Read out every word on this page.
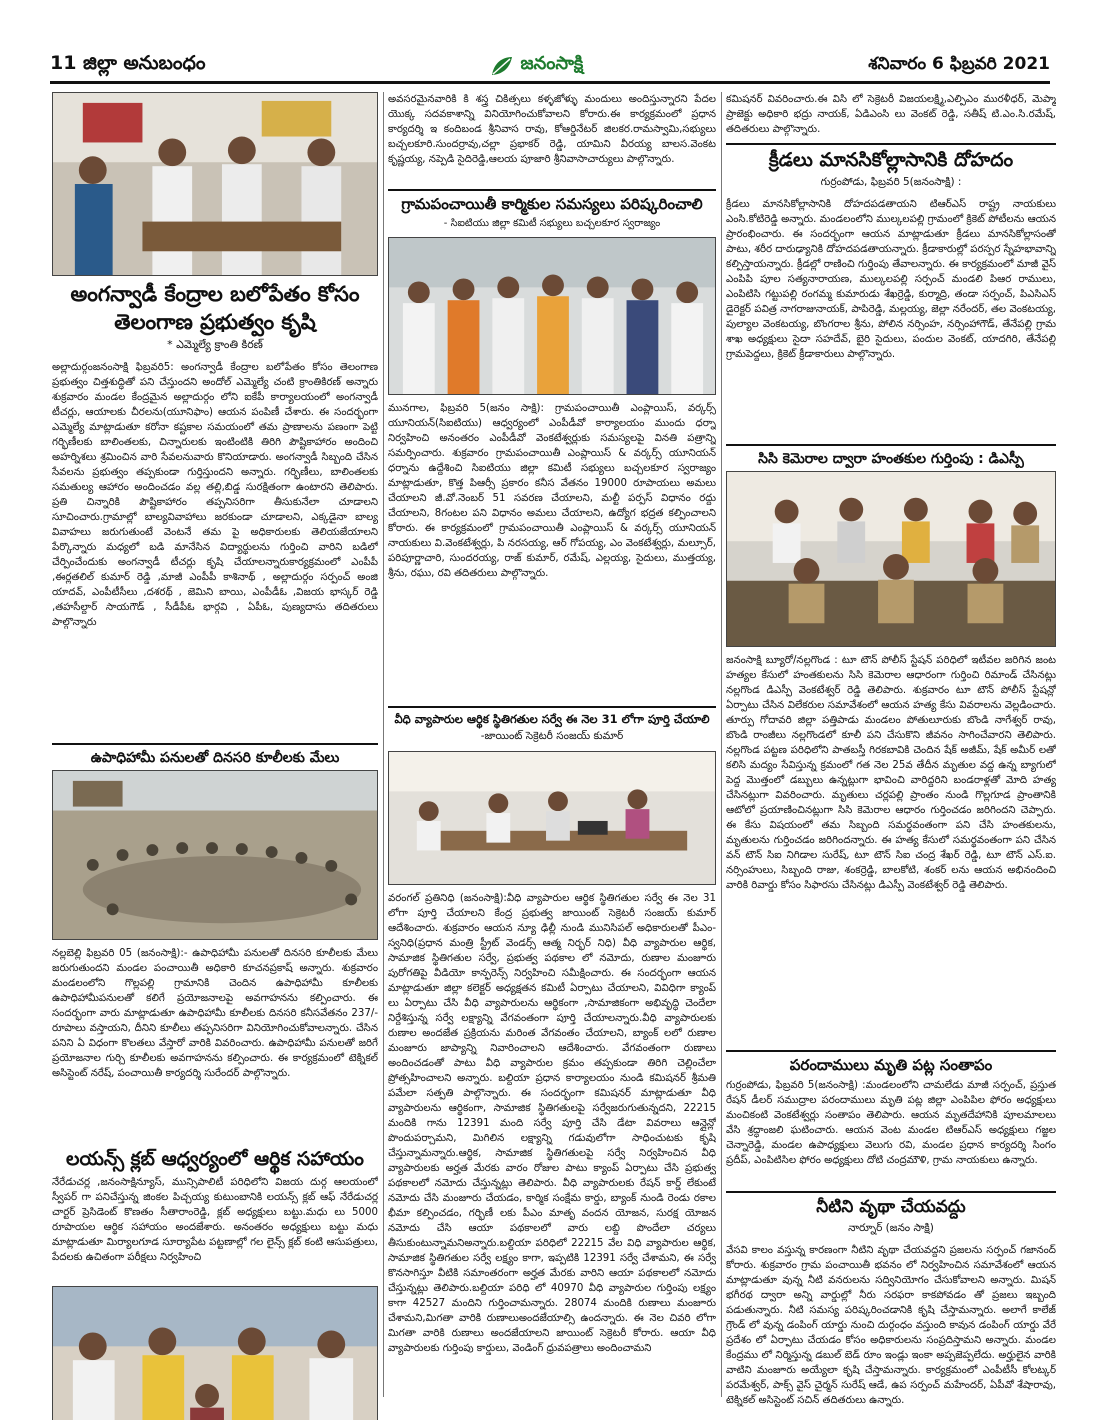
11 జిల్లా అనుబంధం	జనంసాక్షి	శనివారం 6 ఫిబ్రవరి 2021
అంగన్వాడీ కేంద్రాల బలోపేతం కోసం
తెలంగాణ ప్రభుత్వం కృషి
* ఎమ్మెల్యే క్రాంతి కిరణ్

అల్లాదుర్గంజనంసాక్షి ఫిబ్రవరి5: అంగన్వాడీ కేంద్రాల బలోపేతం కోసం తెలంగాణ ప్రభుత్వం చిత్తశుద్ధితో పని చేస్తుందని అందోల్ ఎమ్మెల్యే చంటి క్రాంతికిరణ్ అన్నారు శుక్రవారం మండల కేంద్రమైన అల్లాదుర్గం లోని ఐకేపీ కార్యాలయంలో అంగన్వాడీ టీచర్లు, ఆయాలకు చీరలను(యూనిఫాం) ఆయన పంపిణీ చేశారు. ఈ సందర్భంగా ఎమ్మెల్యే మాట్లాడుతూ కరోనా కష్టకాల సమయంలో తమ ప్రాణాలను పణంగా పెట్టి గర్భిణీలకు బాలింతలకు, చిన్నారులకు ఇంటింటికి తిరిగి పౌష్టికాహారం అందించి అహర్నిశలు శ్రమించిన వారి సేవలనువారు కొనియాడారు. అంగన్వాడీ సిబ్బంది చేసిన సేవలను ప్రభుత్వం తప్పకుండా గుర్తిస్తుందని అన్నారు. గర్భిణీలు, బాలింతలకు సమతుల్య ఆహారం అందించడం వల్ల తల్లి,బిడ్డ సురక్షితంగా ఉంటారని తెలిపారు. ప్రతి చిన్నారికి పౌష్టికాహారం తప్పనిసరిగా తీసుకునేలా చూడాలని సూచించారు.గ్రామాల్లో బాల్యవివాహాలు జరకుండా చూడాలని, ఎక్కడైనా బాల్య వివాహలు జరుగుతుంటే వెంటనే తమ పై అధికారులకు తెలియజేయాలని పేర్కొన్నారు మధ్యలో బడి మానేసిన విద్యార్థులను గుర్తించి వారిని బడిలో చేర్పించేందుకు అంగన్వాడీ టీచర్లు కృషి చేయాలన్నారుకార్యక్రమంలో ఎంపీపీ ,ఈర్లతలిల్ కుమార్ రెడ్డి ,మాజీ ఎంపీపీ కాశినాథ్ , అల్లాదుర్గం సర్పంచ్ అంజి యాదవ్, ఎంపీటీసీలు ,దశరథ్ , జెమిని బాయి, ఎంపీడీఓ ,విజయ భాస్కర్ రెడ్డి ,తహసీల్దార్ సాయగౌడ్ , సీడీపీఓ భార్గవి , ఏపీఓ, పుణ్యదాసు తదితరులు పాల్గొన్నారు

ఉపాధిహామీ పనులతో దినసరి కూలీలకు మేలు

నల్లబెల్లి ఫిబ్రవరి 05 (జనంసాక్షి):- ఉపాధిహామీ పనులతో దినసరి కూలీలకు మేలు జరుగుతుందని మండల పంచాయితీ అధికారి కూచనప్రకాష్ అన్నారు. శుక్రవారం మండలంలోని గొల్లపల్లి గ్రామానికి చెందిన ఉపాధిహామీ కూలీలకు ఉపాధిహామీపనులతో కలిగే ప్రయోజనాలపై అవగాహనను కల్పించారు. ఈ సందర్భంగా వారు మాట్లాడుతూ ఉపాధిహామీ కూలీలకు దినసరి కనీసవేతనం 237/-రూపాలు వస్తాయని, దీనిని కూలీలు తప్పనిసరిగా వినియోగించుకోవాలన్నారు. చేసిన పనిని ఏ విధంగా కొలతలు వేస్తారో వారికి వివరించారు. ఉపాధిహామీ పనులతో జరిగే ప్రయోజనాల గుర్చి కూలీలకు అవగాహనను కల్పించారు. ఈ కార్యక్రమంలో టెక్నికల్ అసిస్టెంట్ నరేష్, పంచాయితీ కార్యదర్శి సురేందర్ పాల్గొన్నారు.

లయన్స్ క్లబ్ ఆధ్వర్యంలో ఆర్థిక సహాయం

నేరేడుచర్ల ,జనంసాక్షిన్యూస్, మున్సిపాలిటీ పరిధిలోని విజయ దుర్గ ఆలయంలో స్వీపర్ గా పనిచేస్తున్న జింకల పిచ్చయ్య కుటుంబానికి లయన్స్ క్లబ్ ఆఫ్ నేరేడుచర్ల చార్టర్ ప్రెసిడెంట్ కొణతం సీతారాంరెడ్డి, క్లబ్ అధ్యక్షులు బట్టు.మధు లు 5000 రూపాయల ఆర్థిక సహాయం అందజేశారు. అనంతరం అధ్యక్షులు బట్టు మధు మాట్లాడుతూ మిర్యాలగూడ సూర్యాపేట పట్టణాల్లో గల లైన్స్ క్లబ్ కంటి ఆసుపత్రులు, పేదలకు ఉచితంగా పరీక్షలు నిర్వహించి

అవసరమైనవారికి కి శస్త్ర చికిత్సలు కళ్ళజోళ్ళు మందులు అందిస్తున్నారని పేదల యొక్క సదవకాశాన్ని వినియోగించుకోవాలని కోరారు.ఈ కార్యక్రమంలో ప్రధాన కార్యదర్శి ఇ కందిబండ శ్రీనివాస రావు, కోఆర్డినేటర్ జిలకర.రామస్వామి,సభ్యులు బచ్చలకూరి.సుందర్రావు,చల్లా ప్రభాకర్ రెడ్డి, యామిని వీరయ్య బాలస.వెంకట కృష్ణయ్య, నప్పెడి సైదిరెడ్డి,ఆలయ పూజారి శ్రీనివాసాచార్యులు పాల్గొన్నారు.

గ్రామపంచాయితీ కార్మికుల సమస్యలు పరిష్కరించాలి
- సిఐటియు జిల్లా కమిటీ సభ్యులు బచ్చలకూర స్వరాజ్యం

మునగాల, ఫిబ్రవరి 5(జనం సాక్షి): గ్రామపంచాయితీ ఎంప్లాయిస్, వర్కర్స్ యూనియన్(సిఐటియు) ఆధ్వర్యంలో ఎంపీడీవో కార్యాలయం ముందు ధర్నా నిర్వహించి అనంతరం ఎంపీడీవో వెంకటేశ్వర్లుకు సమస్యలపై వినతి పత్రాన్ని సమర్పించారు. శుక్రవారం గ్రామపంచాయితీ ఎంప్లాయిస్ & వర్కర్స్ యూనియన్ ధర్నాను ఉద్దేశించి సిఐటియు జిల్లా కమిటీ సభ్యులు బచ్చలకూర స్వరాజ్యం మాట్లాడుతూ, కొత్త పిఆర్సీ ప్రకారం కనీస వేతనం 19000 రూపాయలు అమలు చేయాలని జీ.వో.నెంబర్ 51 సవరణ చేయాలని, మల్టీ పర్పస్ విధానం రద్దు చేయాలని, 8గంటల పని విధానం అమలు చేయాలని, ఉద్యోగ భద్రత కల్పించాలని కోరారు. ఈ కార్యక్రమంలో గ్రామపంచాయితీ ఎంప్లాయిస్ & వర్కర్స్ యూనియన్ నాయకులు వి.వెంకటేశ్వర్లు, పి నరసయ్య, ఆర్ గోపయ్య, ఎం వెంకటేశ్వర్లు, మల్సూర్, పరిపూర్ణాచారి, సుందరయ్య, రాజ్ కుమార్, రమేష్, ఎల్లయ్య, సైదులు, ముత్తయ్య, శ్రీను, రఘు, రవి తదితరులు పాల్గొన్నారు.

వీధి వ్యాపారుల ఆర్థిక స్థితిగతుల సర్వే ఈ నెల 31 లోగా పూర్తి చేయాలి
-జాయింట్ సెక్రెటరీ సంజయ్ కుమార్

వరంగల్ ప్రతినిధి (జనంసాక్షి):వీధి వ్యాపారుల ఆర్థిక స్థితిగతుల సర్వే ఈ నెల 31 లోగా పూర్తి చేయాలని కేంద్ర ప్రభుత్వ జాయింట్ సెక్రెటరీ సంజయ్ కుమార్ ఆదేశించారు. శుక్రవారం ఆయన న్యూ ఢిల్లీ నుండి మునిసిపల్ అధికారులతో పీఎం- స్వనిధి(ప్రధాన మంత్రి స్ట్రీట్ వెండర్స్ ఆత్మ నిర్భర్ నిధి) వీధి వ్యాపారుల ఆర్థిక, సామాజిక స్థితిగతుల సర్వే, ప్రభుత్వ పథకాల లో నమోదు, రుణాల మంజూరు పురోగతిపై వీడియో కాన్ఫరెన్స్ నిర్వహించి సమీక్షించారు. ఈ సందర్భంగా ఆయన మాట్లాడుతూ జిల్లా కలెక్టర్ అధ్యక్షతన కమిటీ ఏర్పాటు చేయాలని, వివిధిగా క్యాంప్ లు ఏర్పాటు చేసి వీధి వ్యాపారులను ఆర్థికంగా ,సామాజికంగా అభివృద్ధి చెందేలా నిర్దేశిస్తున్న సర్వే లక్ష్యాన్ని వేగవంతంగా పూర్తి చేయాలన్నారు.వీధి వ్యాపారులకు రుణాల అందజేత ప్రక్రియను మరింత వేగవంతం చేయాలని, బ్యాంక్ లలో రుణాల మంజూరు జాప్యాన్ని నివారించాలని ఆదేశించారు. వేగవంతంగా రుణాలు అందించడంతో పాటు వీధి వ్యాపారుల క్రమం తప్పకుండా తిరిగి చెల్లించేలా ప్రోత్సహించాలని అన్నారు. బల్దియా ప్రధాన కార్యాలయం నుండి కమిషనర్ శ్రీమతి పమేలా సత్పతి పాల్గొన్నారు. ఈ సందర్భంగా కమిషనర్ మాట్లాడుతూ వీధి వ్యాపారులను ఆర్థికంగా, సామాజిక స్థితిగతులపై సర్వేజరుగుతున్నదని, 22215 మందికి గాను 12391 మంది సర్వే పూర్తి చేసి డేటా వివరాలు ఆన్లైన్లో పొందుపర్చామని, మిగిలిన లక్ష్యాన్ని గడువులోగా సాధించుటకు కృషి చేస్తున్నామన్నారు.ఆర్థిక, సామాజిక స్థితిగతులపై సర్వే నిర్వహించిన వీధి వ్యాపారులకు అర్హత మేరకు వారం రోజుల పాటు క్యాంప్ ఏర్పాటు చేసి ప్రభుత్వ పథకాలలో నమోదు చేస్తున్నట్లు తెలిపారు. వీధి వ్యాపారులకు రేషన్ కార్డ్ లేకుంటే నమోదు చేసి మంజూరు చేయడం, కార్మిక సంక్షేమ కార్డు, బ్యాంక్ నుండి రెండు రకాల భీమా కల్పించడం, గర్భిణీ లకు పీఎం మాతృ వందన యోజన, సురక్ష యోజన నమోదు చేసి ఆయా పథకాలలో వారు లబ్ది పొందేలా చర్యలు తీసుకుంటున్నామనిఅన్నారు.బల్దియా పరిధిలో 22215 వేల విధి వ్యాపారుల ఆర్థిక, సామాజిక స్థితిగతుల సర్వే లక్ష్యం కాగా, ఇప్పటికి 12391 సర్వే చేశామని, ఈ సర్వే కొనసాగిస్తూ వీటికి సమాంతరంగా అర్హత మేరకు వారిని ఆయా పథకాలలో నమోదు చేస్తున్నట్లు తెలిపారు.బల్దియా పరిధి లో 40970 వీధి వ్యాపారుల గుర్తింపు లక్ష్యం కాగా 42527 మందిని గుర్తించామన్నారు. 28074 మందికి రుణాలు మంజూరు చేశామని,మిగతా వారికి రుణాలుఅందజేయాల్సి ఉందన్నారు. ఈ నెల చివరి లోగా మిగతా వారికి రుణాలు అందజేయాలని జాయింట్ సెక్రెటరీ కోరారు. ఆయా వీధి వ్యాపారులకు గుర్తింపు కార్డులు, వెండింగ్ ధ్రువపత్రాలు అందించామని

కమిషనర్ వివరించారు.ఈ విసి లో సెక్రెటరీ విజయలక్ష్మి,ఎల్పిఎం మురళీధర్, మెప్మా ప్రాజెక్టు అధికారి భద్రు నాయక్, ఏడిఎంసి లు వెంకట్ రెడ్డి, సతీష్ టి.ఎం.సి.రమేష్, తదితరులు పాల్గొన్నారు.

క్రీడలు మానసికోల్లాసానికి దోహదం
గుర్రంపోడు, ఫిబ్రవరి 5(జనంసాక్షి) :

క్రీడలు మానసికోల్లాసానికి దోహదపడతాయని టిఆర్ఎస్ రాష్ట్ర నాయకులు ఎంసి.కోటిరెడ్డి అన్నారు. మండలంలోని ముల్కలపల్లి గ్రామంలో క్రికెట్ పోటీలను ఆయన ప్రారంభించారు. ఈ సందర్భంగా ఆయన మాట్లాడుతూ క్రీడలు మానసికోల్లాసంతో పాటు, శరీర దారుఢ్యానికి దోహదపడతాయన్నారు. క్రీడాకారుల్లో పరస్పర స్నేహభావాన్ని కల్పిస్తాయన్నారు. క్రీడల్లో రాణించి గుర్తింపు తేవాలన్నారు. ఈ కార్యక్రమంలో మాజీ వైస్ ఎంపిపి పూల సత్యనారాయణ, ముల్కలపల్లి సర్పంచ్ మండలి పిఆర రాములు, ఎంపిటిసి గట్టుపల్లి రంగమ్మ కుమారుడు శేఖర్రెడ్డి, కుర్మాద్రి, తండా సర్పంచ్, పిఎసిఎస్ డైరెక్టర్ పవిత్ర నాగరాజునాయక్, పాపిరెడ్డి, మల్లయ్య, జెల్లా నరేందర్, తల వెంకటయ్య, పుల్యాల వెంకటయ్య, బొంగరాల శ్రీను, పోలిన నర్సింహ, నర్సింహాగౌడ్, తేనేపల్లి గ్రామ శాఖ అధ్యక్షులు సైదా సహదేవ్, బైరి సైదులు, పందుల వెంకట్, యాదగిరి, తేనేపల్లి గ్రామపెద్దలు, క్రికెట్ క్రీడాకారులు పాల్గొన్నారు.

సిసి కెమెరాల ద్వారా హంతకుల గుర్తింపు : డిఎస్పీ

జనంసాక్షి బ్యూరో/నల్లగొండ : టూ టౌన్ పోలీస్ స్టేషన్ పరిధిలో ఇటీవల జరిగిన జంట హత్యల కేసులో హంతకులను సిసి కెమెరాల ఆధారంగా గుర్తించి రిమాండ్ చేసినట్లు నల్లగొండ డిఎస్పీ వెంకటేశ్వర్ రెడ్డి తెలిపారు. శుక్రవారం టూ టౌన్ పోలీస్ స్టేషన్లో ఏర్పాటు చేసిన విలేకరుల సమావేశంలో ఆయన హత్య కేసు వివరాలను వెల్లడించారు. తూర్పు గోదావరి జిల్లా పత్తిపాడు మండలం పోతులూరుకు బొండి నాగేశ్వర్ రావు, బొండి రాంజీలు నల్లగొండలో కూలీ పని చేసుకొని జీవనం సాగించేవారని తెలిపారు. నల్లగొండ పట్టణ పరిధిలోని పాతబస్తీ గిరకబావికి చెందిన షేక్ అజీమ్, షేక్ అమీర్ లతో కలిసి మద్యం సేవిస్తున్న క్రమంలో గత నెల 25వ తేదీన మృతుల వద్ద ఉన్న బ్యాగులో పెద్ద మొత్తంలో డబ్బులు ఉన్నట్లుగా భావించి వారిద్దరిని బండరాళ్లతో మోది హత్య చేసినట్లుగా వివరించారు. మృతులు చర్లపల్లి ప్రాంతం నుండి గొల్లగూడ ప్రాంతానికి ఆటోలో ప్రయాణించినట్లుగా సిసి కెమెరాల ఆధారం గుర్తించడం జరిగిందని చెప్పారు. ఈ కేసు విషయంలో తమ సిబ్బంది సమర్థవంతంగా పని చేసి హంతకులను, మృతులను గుర్తించడం జరిగిందన్నారు. ఈ హత్య కేసులో సమర్థవంతంగా పని చేసిన వన్ టౌన్ సిఐ నిగిడాల సురేష్, టూ టౌన్ సిఐ చంద్ర శేఖర్ రెడ్డి, టూ టౌన్ ఎస్.ఐ. నర్సింహులు, సిబ్బంది రాజు, శంకర్రెడ్డి, బాలకోటి, శంకర్ లను ఆయన అభినందించి వారికి రివార్డు కోసం సిఫారసు చేసినట్లు డిఎస్పీ వెంకటేశ్వర్ రెడ్డి తెలిపారు.

పరందాములు మృతి పట్ల సంతాపం

గుర్రంపోడు, ఫిబ్రవరి 5(జనంసాక్షి) :మండలంలోని చామలేడు మాజీ సర్పంచ్, ప్రస్తుత రేషన్ డీలర్ సముద్రాల పరందాములు మృతి పట్ల జిల్లా ఎంపిపిల ఫోరం అధ్యక్షులు మంచికంటి వెంకటేశ్వర్లు సంతాపం తెలిపారు. ఆయన మృతదేహానికి పూలమాలలు వేసి శ్రద్ధాంజలి ఘటించారు. ఆయన వెంట మండల టిఆర్ఎస్ అధ్యక్షులు గజ్జల చెన్నారెడ్డి, మండల ఉపాధ్యక్షులు వెలుగు రవి, మండల ప్రధాన కార్యదర్శి సింగం ప్రదీప్, ఎంపిటిసిల ఫోరం అధ్యక్షులు దోటి చంద్రమౌళి, గ్రామ నాయకులు ఉన్నారు.

నీటిని వృథా చేయవద్దు
నార్నూర్ (జనం సాక్షి)

వేసవి కాలం వస్తున్న కారణంగా నీటిని వృథా చేయవద్దని ప్రజలను సర్పంచ్ గజానంద్ కోరారు. శుక్రవారం గ్రామ పంచాయితీ భవనం లో నిర్వహించిన సమావేశంలో ఆయన మాట్లాడుతూ వున్న నీటి వనరులను సద్వినియోగం చేసుకోవాలని అన్నారు. మిషన్ భగీరథ ద్వారా అన్ని వార్డుల్లో నీరు సరఫరా కాకపోవడం తో ప్రజలు ఇబ్బంది పడుతున్నారు. నీటి సమస్య పరిష్కరించడానికి కృషి చేస్తామన్నారు. అలాగే కాలేజ్ గ్రౌండ్ లో వున్న డంపింగ్ యార్డు నుంచి దుర్గంధం వస్తుంది కావున డంపింగ్ యార్డు వేరే ప్రదేశం లో ఏర్పాటు చేయడం కోసం అధికారులను సంప్రదిస్తామని అన్నారు. మండల కేంద్రము లో నిర్మిస్తున్న డబుల్ బెడ్ రూం ఇండ్లు ఇంకా అప్పజెప్పలేదు. అర్హులైన వారికి వాటిని మంజూరు అయ్యేలా కృషి చేస్తామన్నారు. కార్యక్రమంలో ఎంపీటీసీ కోలట్కర్ పరమేశ్వర్, పాక్స్ వైస్ చైర్మన్ సురేష్ ఆడే, ఉప సర్పంచ్ మహేందర్, ఏపీవో శేషారావు, టెక్నికల్ అసిస్టెంట్ సచిన్ తదితరులు ఉన్నారు.
